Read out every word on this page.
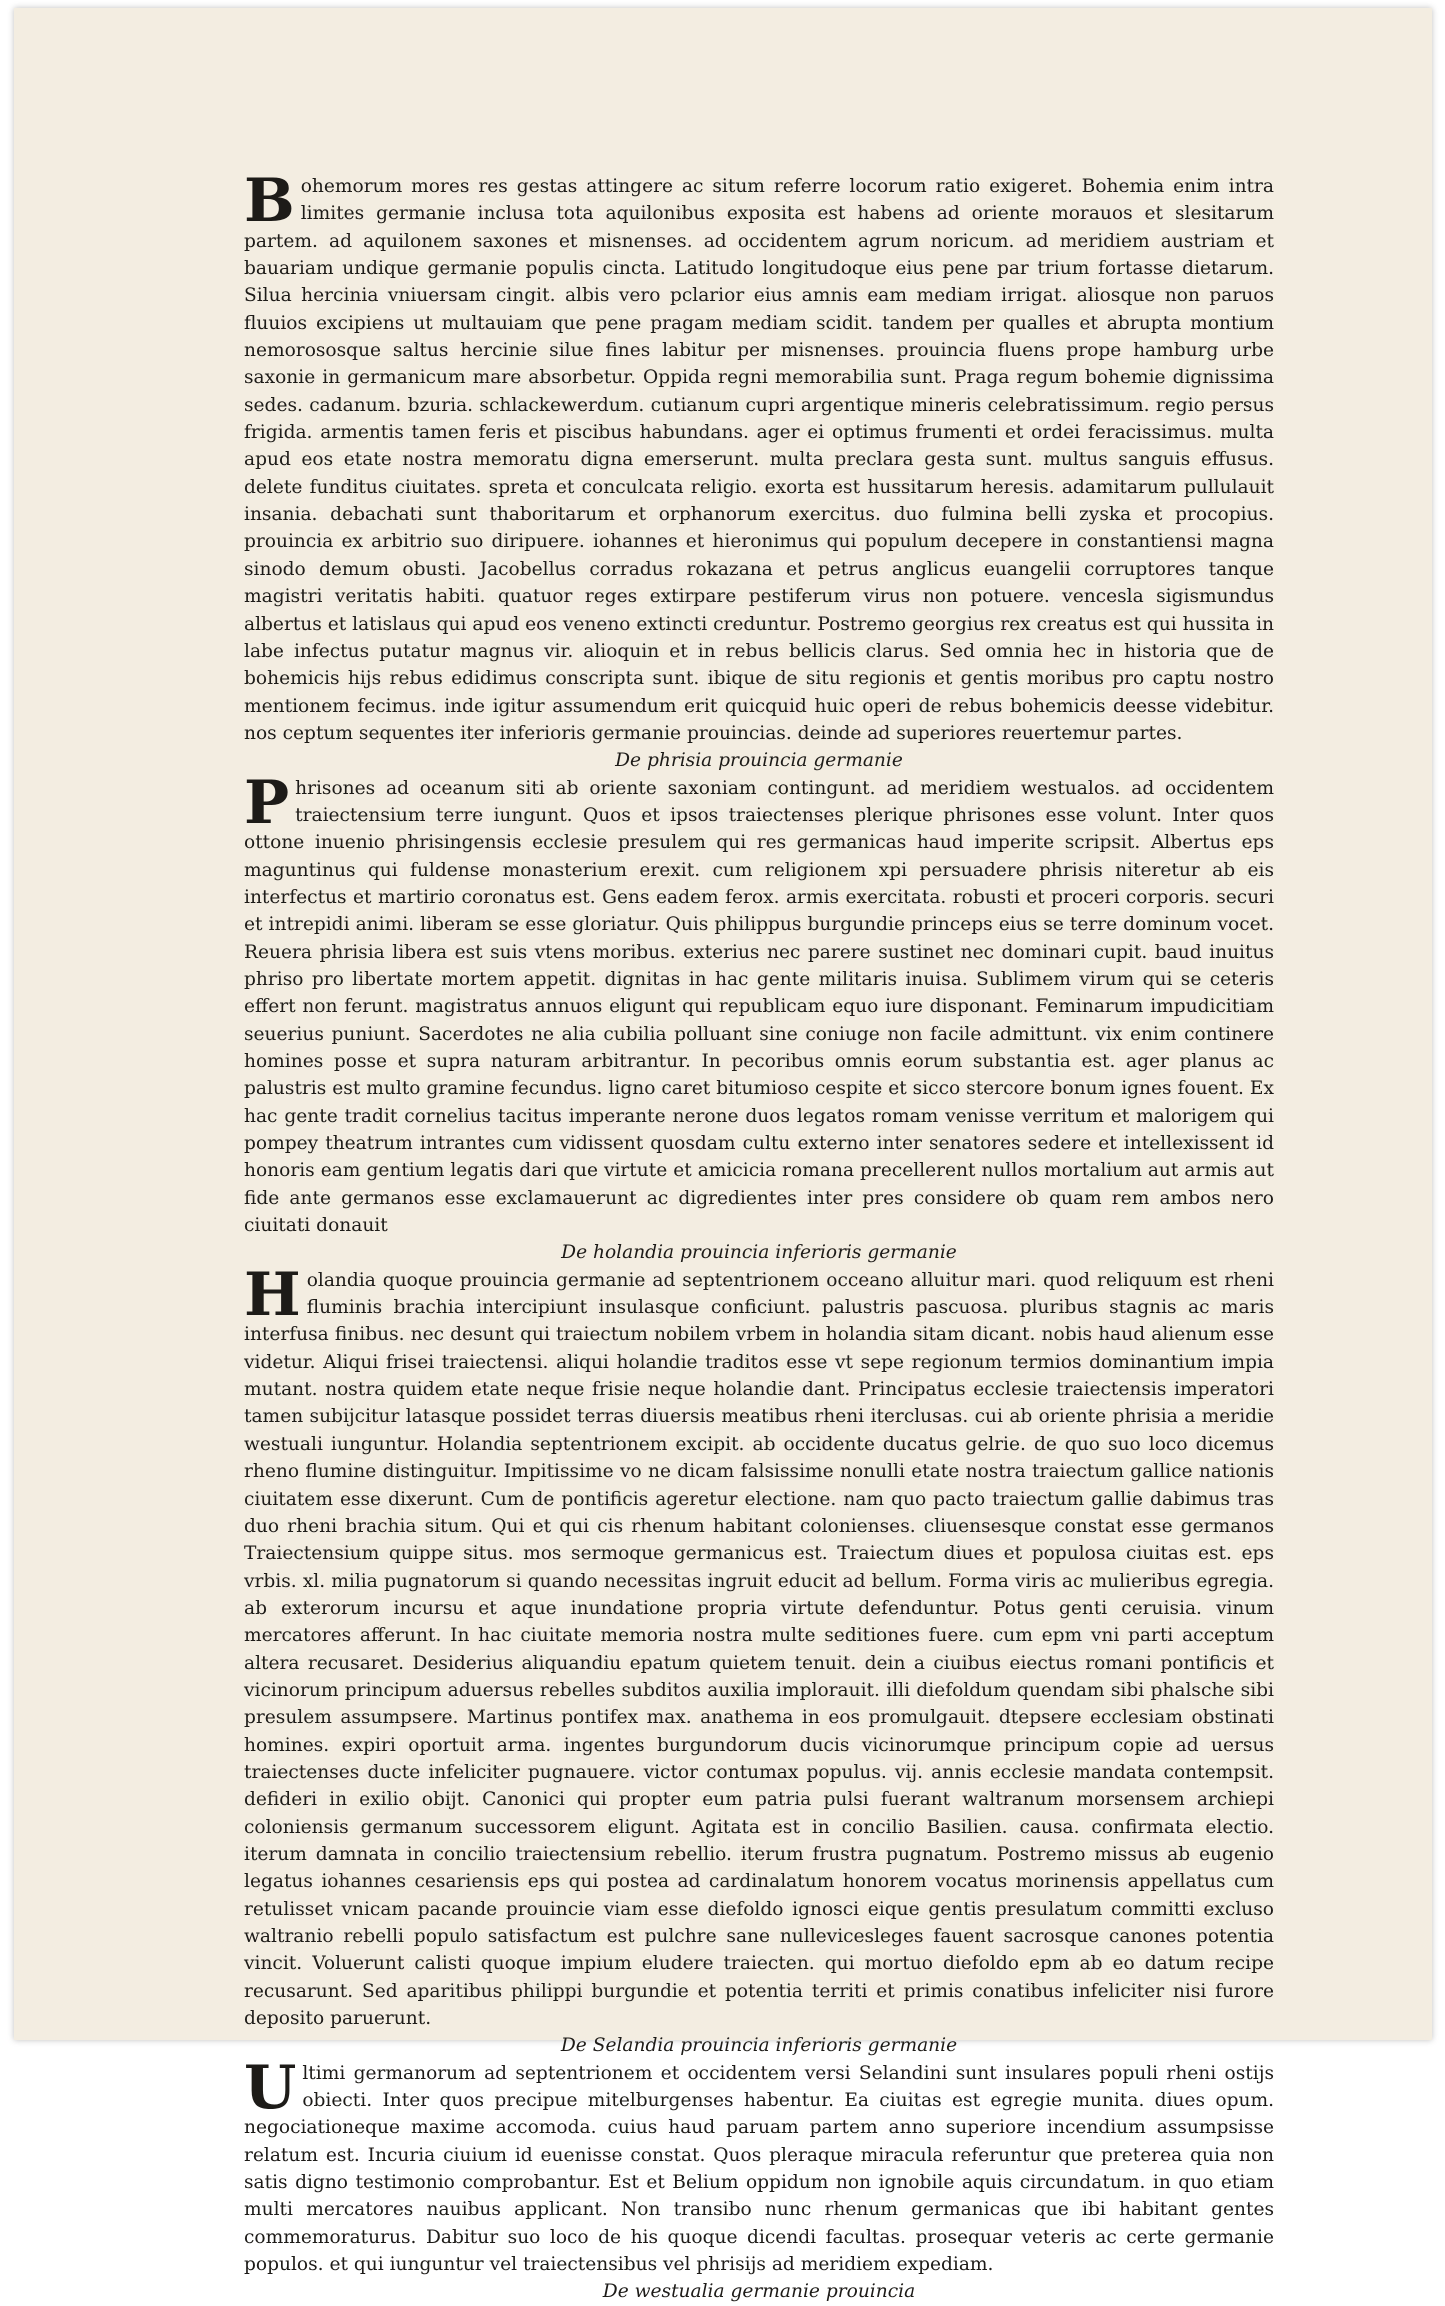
Bohemorum mores res gestas attingere ac situm referre locorum ratio exigeret. Bohemia enim intra limites germanie inclusa tota aquilonibus exposita est habens ad oriente morauos et slesitarum partem. ad aquilonem saxones et misnenses. ad occidentem agrum noricum. ad meridiem austriam et bauariam undique germanie populis cincta. Latitudo longitudoque eius pene par trium fortasse dietarum. Silua hercinia vniuersam cingit. albis vero pclarior eius amnis eam mediam irrigat. aliosque non paruos fluuios excipiens ut multauiam que pene pragam mediam scidit. tandem per qualles et abrupta montium nemorososque saltus hercinie silue fines labitur per misnenses. prouincia fluens prope hamburg urbe saxonie in germanicum mare absorbetur. Oppida regni memorabilia sunt. Praga regum bohemie dignissima sedes. cadanum. bzuria. schlackewerdum. cutianum cupri argentique mineris celebratissimum. regio persus frigida. armentis tamen feris et piscibus habundans. ager ei optimus frumenti et ordei feracissimus. multa apud eos etate nostra memoratu digna emerserunt. multa preclara gesta sunt. multus sanguis effusus. delete funditus ciuitates. spreta et conculcata religio. exorta est hussitarum heresis. adamitarum pullulauit insania. debachati sunt thaboritarum et orphanorum exercitus. duo fulmina belli zyska et procopius. prouincia ex arbitrio suo diripuere. iohannes et hieronimus qui populum decepere in constantiensi magna sinodo demum obusti. Jacobellus corradus rokazana et petrus anglicus euangelii corruptores tanque magistri veritatis habiti. quatuor reges extirpare pestiferum virus non potuere. vencesla sigismundus albertus et latislaus qui apud eos veneno extincti creduntur. Postremo georgius rex creatus est qui hussita in labe infectus putatur magnus vir. alioquin et in rebus bellicis clarus. Sed omnia hec in historia que de bohemicis hijs rebus edidimus conscripta sunt. ibique de situ regionis et gentis moribus pro captu nostro mentionem fecimus. inde igitur assumendum erit quicquid huic operi de rebus bohemicis deesse videbitur. nos ceptum sequentes iter inferioris germanie prouincias. deinde ad superiores reuertemur partes.

De phrisia prouincia germanie

Phrisones ad oceanum siti ab oriente saxoniam contingunt. ad meridiem westualos. ad occidentem traiectensium terre iungunt. Quos et ipsos traiectenses plerique phrisones esse volunt. Inter quos ottone inuenio phrisingensis ecclesie presulem qui res germanicas haud imperite scripsit. Albertus eps maguntinus qui fuldense monasterium erexit. cum religionem xpi persuadere phrisis niteretur ab eis interfectus et martirio coronatus est. Gens eadem ferox. armis exercitata. robusti et proceri corporis. securi et intrepidi animi. liberam se esse gloriatur. Quis philippus burgundie princeps eius se terre dominum vocet. Reuera phrisia libera est suis vtens moribus. exterius nec parere sustinet nec dominari cupit. baud inuitus phriso pro libertate mortem appetit. dignitas in hac gente militaris inuisa. Sublimem virum qui se ceteris effert non ferunt. magistratus annuos eligunt qui republicam equo iure disponant. Feminarum impudicitiam seuerius puniunt. Sacerdotes ne alia cubilia polluant sine coniuge non facile admittunt. vix enim continere homines posse et supra naturam arbitrantur. In pecoribus omnis eorum substantia est. ager planus ac palustris est multo gramine fecundus. ligno caret bitumioso cespite et sicco stercore bonum ignes fouent. Ex hac gente tradit cornelius tacitus imperante nerone duos legatos romam venisse verritum et malorigem qui pompey theatrum intrantes cum vidissent quosdam cultu externo inter senatores sedere et intellexissent id honoris eam gentium legatis dari que virtute et amicicia romana precellerent nullos mortalium aut armis aut fide ante germanos esse exclamauerunt ac digredientes inter pres considere ob quam rem ambos nero ciuitati donauit

De holandia prouincia inferioris germanie

Holandia quoque prouincia germanie ad septentrionem occeano alluitur mari. quod reliquum est rheni fluminis brachia intercipiunt insulasque conficiunt. palustris pascuosa. pluribus stagnis ac maris interfusa finibus. nec desunt qui traiectum nobilem vrbem in holandia sitam dicant. nobis haud alienum esse videtur. Aliqui frisei traiectensi. aliqui holandie traditos esse vt sepe regionum termios dominantium impia mutant. nostra quidem etate neque frisie neque holandie dant. Principatus ecclesie traiectensis imperatori tamen subijcitur latasque possidet terras diuersis meatibus rheni iterclusas. cui ab oriente phrisia a meridie westuali iunguntur. Holandia septentrionem excipit. ab occidente ducatus gelrie. de quo suo loco dicemus rheno flumine distinguitur. Impitissime vo ne dicam falsissime nonulli etate nostra traiectum gallice nationis ciuitatem esse dixerunt. Cum de pontificis ageretur electione. nam quo pacto traiectum gallie dabimus tras duo rheni brachia situm. Qui et qui cis rhenum habitant colonienses. cliuensesque constat esse germanos Traiectensium quippe situs. mos sermoque germanicus est. Traiectum diues et populosa ciuitas est. eps vrbis. xl. milia pugnatorum si quando necessitas ingruit educit ad bellum. Forma viris ac mulieribus egregia. ab exterorum incursu et aque inundatione propria virtute defenduntur. Potus genti ceruisia. vinum mercatores afferunt. In hac ciuitate memoria nostra multe seditiones fuere. cum epm vni parti acceptum altera recusaret. Desiderius aliquandiu epatum quietem tenuit. dein a ciuibus eiectus romani pontificis et vicinorum principum aduersus rebelles subditos auxilia implorauit. illi diefoldum quendam sibi phalsche sibi presulem assumpsere. Martinus pontifex max. anathema in eos promulgauit. dtepsere ecclesiam obstinati homines. expiri oportuit arma. ingentes burgundorum ducis vicinorumque principum copie ad uersus traiectenses ducte infeliciter pugnauere. victor contumax populus. vij. annis ecclesie mandata contempsit. defideri in exilio obijt. Canonici qui propter eum patria pulsi fuerant waltranum morsensem archiepi coloniensis germanum successorem eligunt. Agitata est in concilio Basilien. causa. confirmata electio. iterum damnata in concilio traiectensium rebellio. iterum frustra pugnatum. Postremo missus ab eugenio legatus iohannes cesariensis eps qui postea ad cardinalatum honorem vocatus morinensis appellatus cum retulisset vnicam pacande prouincie viam esse diefoldo ignosci eique gentis presulatum committi excluso waltranio rebelli populo satisfactum est pulchre sane nullevicesleges fauent sacrosque canones potentia vincit. Voluerunt calisti quoque impium eludere traiecten. qui mortuo diefoldo epm ab eo datum recipe recusarunt. Sed aparitibus philippi burgundie et potentia territi et primis conatibus infeliciter nisi furore deposito paruerunt.

De Selandia prouincia inferioris germanie

Ultimi germanorum ad septentrionem et occidentem versi Selandini sunt insulares populi rheni ostijs obiecti. Inter quos precipue mitelburgenses habentur. Ea ciuitas est egregie munita. diues opum. negociationeque maxime accomoda. cuius haud paruam partem anno superiore incendium assumpsisse relatum est. Incuria ciuium id euenisse constat. Quos pleraque miracula referuntur que preterea quia non satis digno testimonio comprobantur. Est et Belium oppidum non ignobile aquis circundatum. in quo etiam multi mercatores nauibus applicant. Non transibo nunc rhenum germanicas que ibi habitant gentes commemoraturus. Dabitur suo loco de his quoque dicendi facultas. prosequar veteris ac certe germanie populos. et qui iunguntur vel traiectensibus vel phrisijs ad meridiem expediam.

De westualia germanie prouincia
